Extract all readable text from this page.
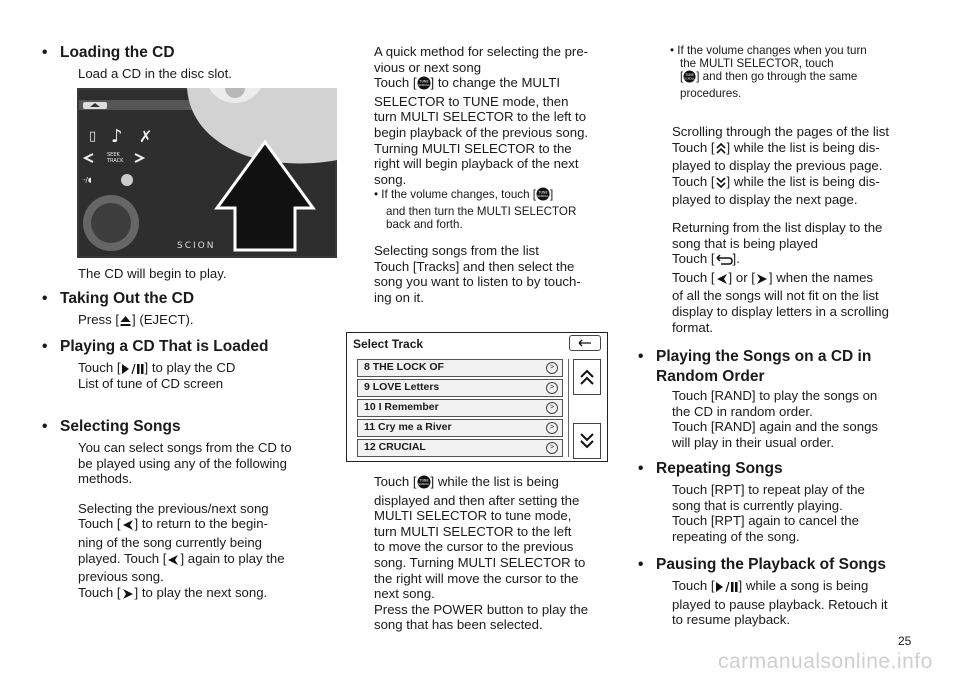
• Loading the CD
Load a CD in the disc slot.
▯ ♪ ✗
SEEK
TRACK
-/◖
SCION
The CD will begin to play.
• Taking Out the CD
Press [ ] (EJECT).
• Playing a CD That is Loaded
Touch [ ] to play the CD
List of tune of CD screen
• Selecting Songs
You can select songs from the CD to
be played using any of the following
methods.
Selecting the previous/next song
Touch [ ] to return to the begin-
ning of the song currently being
played. Touch [ ] again to play the
previous song.
Touch [ ] to play the next song.
A quick method for selecting the pre-
vious or next song
Touch [ TUNE
SCROLL ] to change the MULTI
SELECTOR to TUNE mode, then
turn MULTI SELECTOR to the left to
begin playback of the previous song.
Turning MULTI SELECTOR to the
right will begin playback of the next
song.
• If the volume changes, touch [ TUNE
SCROLL ]
and then turn the MULTI SELECTOR
back and forth.
Selecting songs from the list
Touch [Tracks] and then select the
song you want to listen to by touch-
ing on it.
Select Track
8 THE LOCK OF	>
9 LOVE Letters	>
10 I Remember	>
11 Cry me a River	>
12 CRUCIAL	>
Touch [ TUNE
SCROLL ] while the list is being
displayed and then after setting the
MULTI SELECTOR to tune mode,
turn MULTI SELECTOR to the left
to move the cursor to the previous
song. Turning MULTI SELECTOR to
the right will move the cursor to the
next song.
Press the POWER button to play the
song that has been selected.
• If the volume changes when you turn
the MULTI SELECTOR, touch
[ TUNE
SCROLL ] and then go through the same
procedures.
Scrolling through the pages of the list
Touch [ ] while the list is being dis-
played to display the previous page.
Touch [ ] while the list is being dis-
played to display the next page.
Returning from the list display to the
song that is being played
Touch [ ].
Touch [ ] or [ ] when the names
of all the songs will not fit on the list
display to display letters in a scrolling
format.
• Playing the Songs on a CD in
Random Order
Touch [RAND] to play the songs on
the CD in random order.
Touch [RAND] again and the songs
will play in their usual order.
• Repeating Songs
Touch [RPT] to repeat play of the
song that is currently playing.
Touch [RPT] again to cancel the
repeating of the song.
• Pausing the Playback of Songs
Touch [ ] while a song is being
played to pause playback. Retouch it
to resume playback.
25
carmanualsonline.info
